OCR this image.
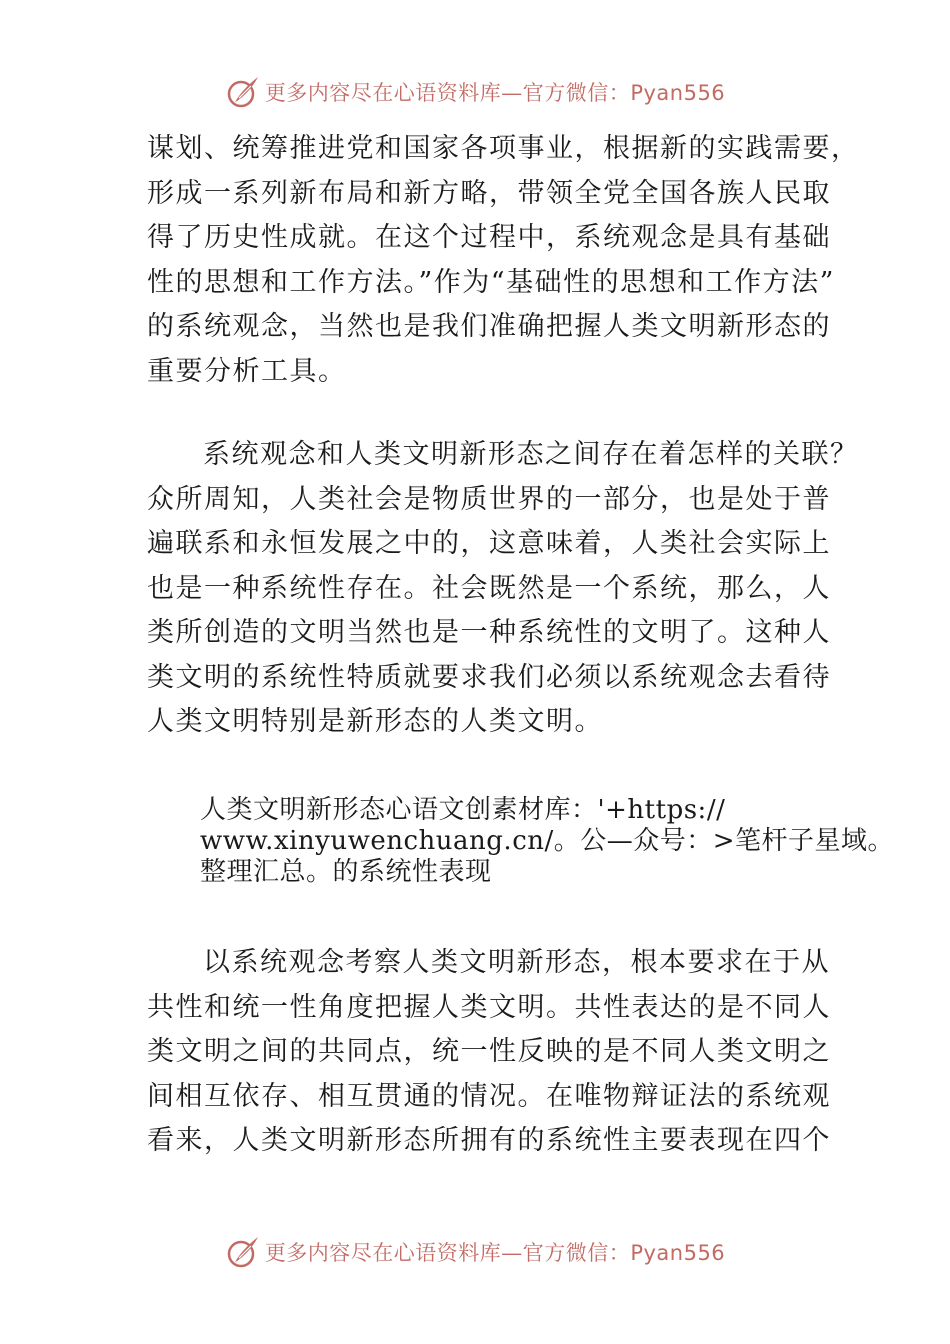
更多内容尽在心语资料库—官方微信：Pyan556
谋划、统筹推进党和国家各项事业，根据新的实践需要，
形成一系列新布局和新方略，带领全党全国各族人民取
得了历史性成就。在这个过程中，系统观念是具有基础
性的思想和工作方法。”作为“基础性的思想和工作方法”
的系统观念，当然也是我们准确把握人类文明新形态的
重要分析工具。
系统观念和人类文明新形态之间存在着怎样的关联？
众所周知，人类社会是物质世界的一部分，也是处于普
遍联系和永恒发展之中的，这意味着，人类社会实际上
也是一种系统性存在。社会既然是一个系统，那么，人
类所创造的文明当然也是一种系统性的文明了。这种人
类文明的系统性特质就要求我们必须以系统观念去看待
人类文明特别是新形态的人类文明。
人类文明新形态心语文创素材库：'+https://
www.xinyuwenchuang.cn/。公—众号：>笔杆子星域。
整理汇总。的系统性表现
以系统观念考察人类文明新形态，根本要求在于从
共性和统一性角度把握人类文明。共性表达的是不同人
类文明之间的共同点，统一性反映的是不同人类文明之
间相互依存、相互贯通的情况。在唯物辩证法的系统观
看来，人类文明新形态所拥有的系统性主要表现在四个
更多内容尽在心语资料库—官方微信：Pyan556
